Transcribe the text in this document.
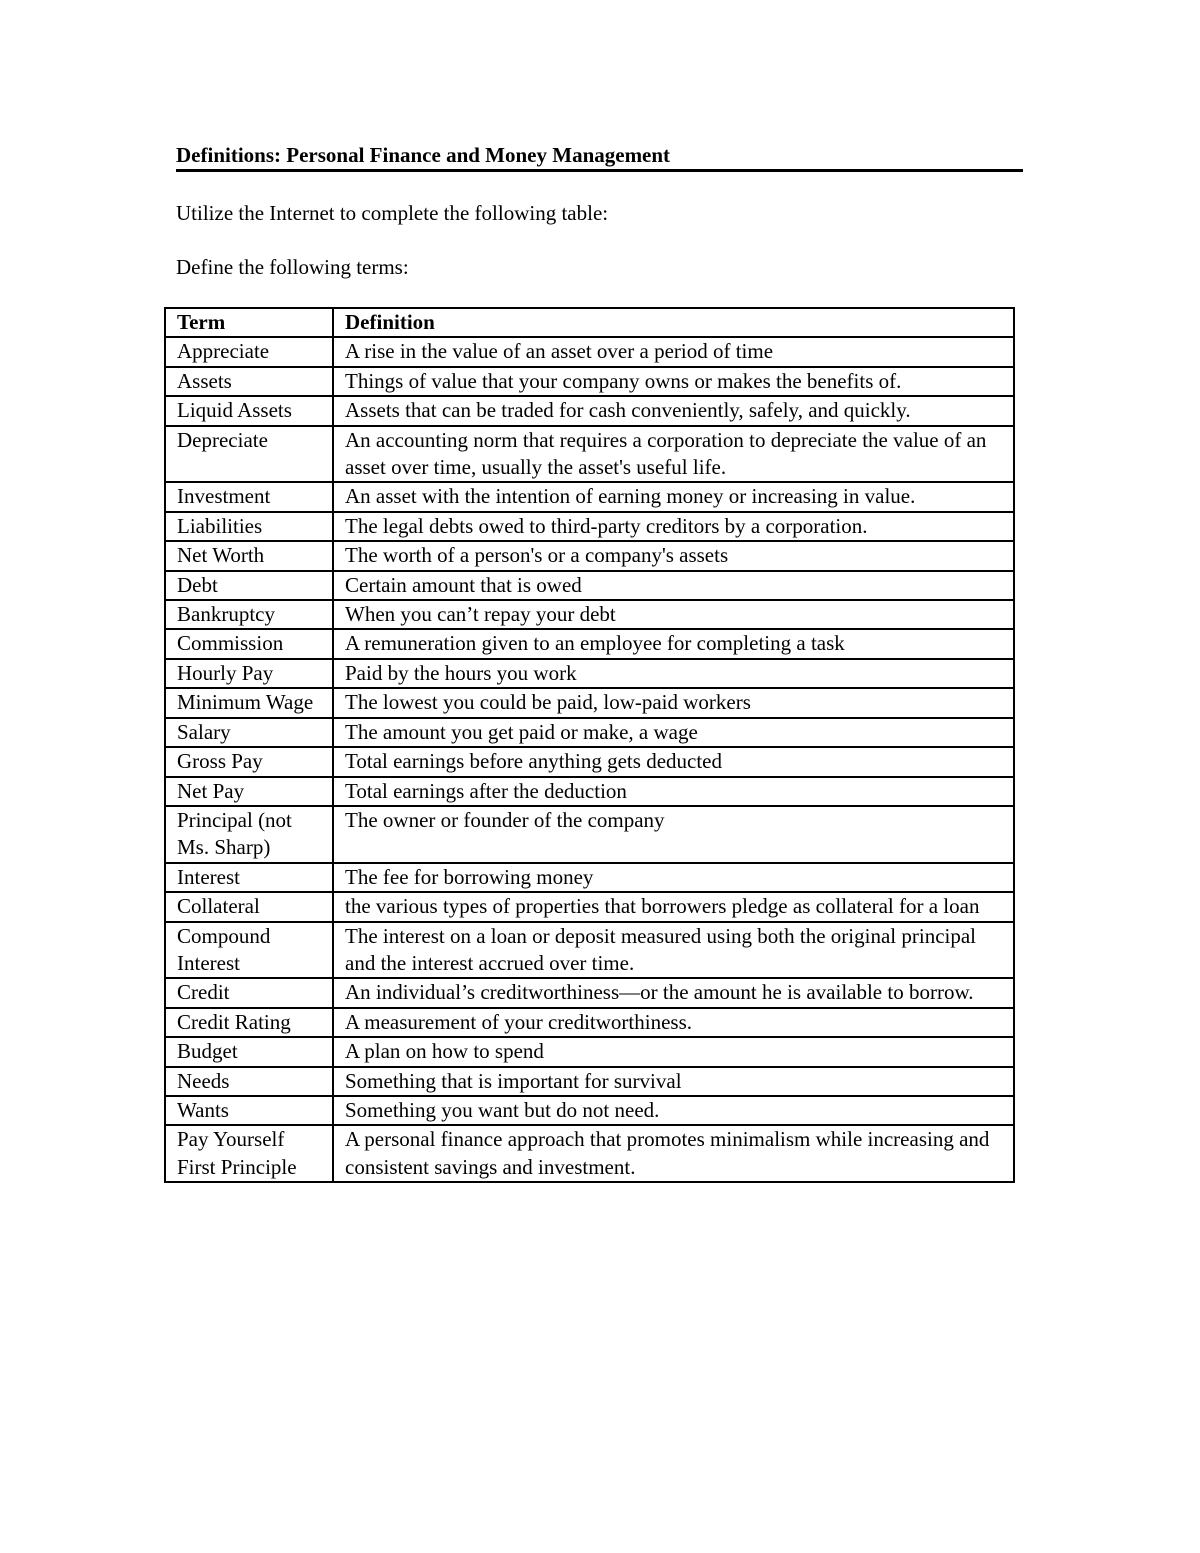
Definitions: Personal Finance and Money Management

Utilize the Internet to complete the following table:

Define the following terms:

Term	Definition
Appreciate	A rise in the value of an asset over a period of time
Assets	Things of value that your company owns or makes the benefits of.
Liquid Assets	Assets that can be traded for cash conveniently, safely, and quickly.
Depreciate	An accounting norm that requires a corporation to depreciate the value of an asset over time, usually the asset's useful life.
Investment	An asset with the intention of earning money or increasing in value.
Liabilities	The legal debts owed to third-party creditors by a corporation.
Net Worth	The worth of a person's or a company's assets
Debt	Certain amount that is owed
Bankruptcy	When you can’t repay your debt
Commission	A remuneration given to an employee for completing a task
Hourly Pay	Paid by the hours you work
Minimum Wage	The lowest you could be paid, low-paid workers
Salary	The amount you get paid or make, a wage
Gross Pay	Total earnings before anything gets deducted
Net Pay	Total earnings after the deduction
Principal (not Ms. Sharp)	The owner or founder of the company
Interest	The fee for borrowing money
Collateral	the various types of properties that borrowers pledge as collateral for a loan
Compound Interest	The interest on a loan or deposit measured using both the original principal and the interest accrued over time.
Credit	An individual’s creditworthiness—or the amount he is available to borrow.
Credit Rating	A measurement of your creditworthiness.
Budget	A plan on how to spend
Needs	Something that is important for survival
Wants	Something you want but do not need.
Pay Yourself First Principle	A personal finance approach that promotes minimalism while increasing and consistent savings and investment.
